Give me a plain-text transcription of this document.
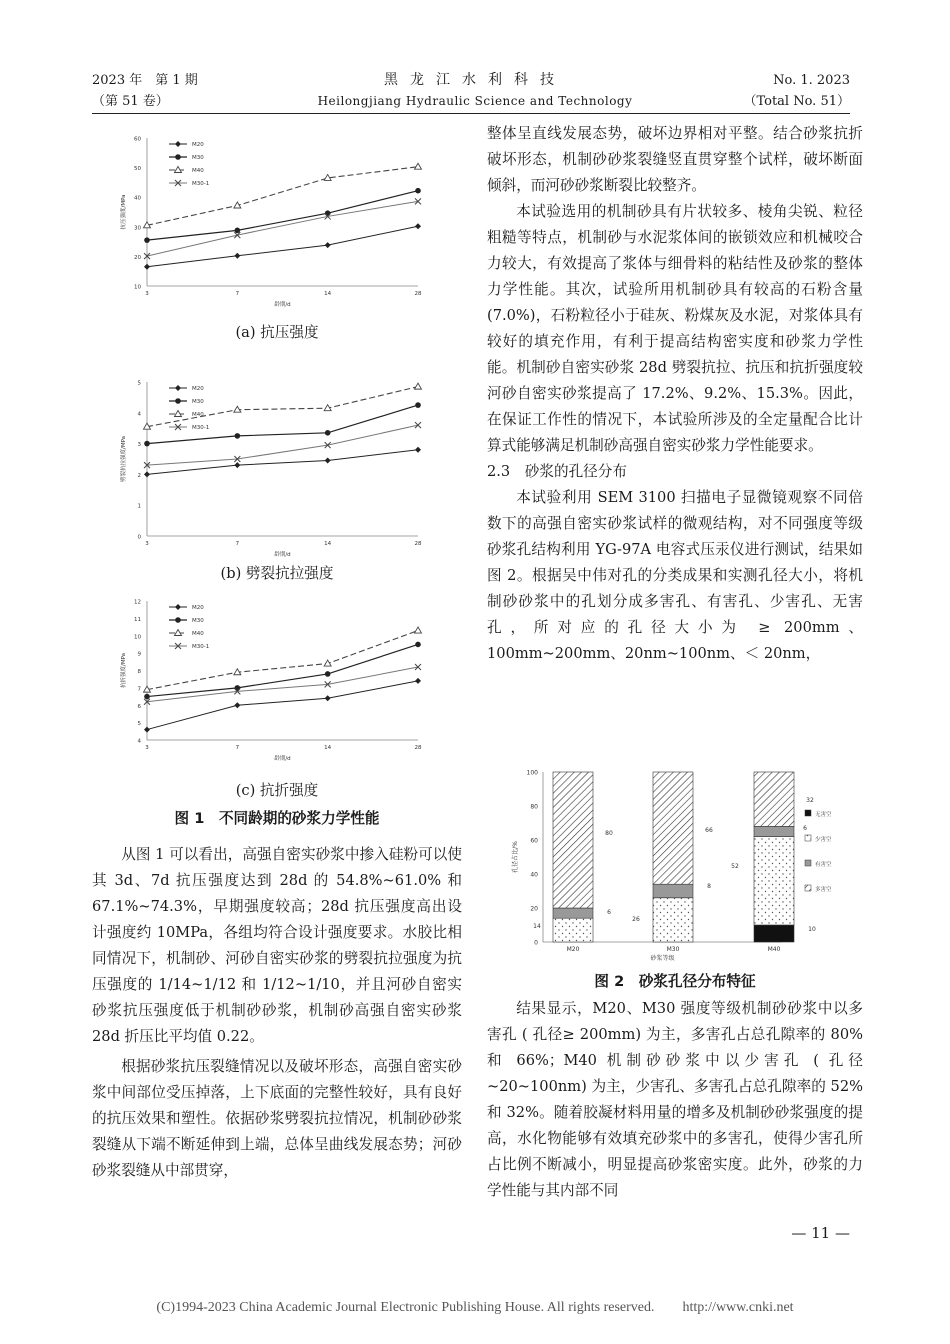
2023 年　第 1 期
（第 51 卷）
黑龙江水利科技
Heilongjiang Hydraulic Science and Technology
No. 1. 2023
（Total No. 51）
10
20
30
40
50
60
3	7	14	28
龄期/d
抗压强度/MPa
M20
M30
M40
M30-1
(a) 抗压强度
0
1
2
3
4
5
3	7	14	28
龄期/d
劈裂抗拉强度/MPa
M20
M30
M40
M30-1
(b) 劈裂抗拉强度
4
5
6
7
8
9
10
11
12
3	7	14	28
龄期/d
抗折强度/MPa
M20
M30
M40
M30-1
(c) 抗折强度
图 1　不同龄期的砂浆力学性能

从图 1 可以看出，高强自密实砂浆中掺入硅粉可以使其 3d、7d 抗压强度达到 28d 的 54.8%~61.0% 和 67.1%~74.3%，早期强度较高；28d 抗压强度高出设计强度约 10MPa，各组均符合设计强度要求。水胶比相同情况下，机制砂、河砂自密实砂浆的劈裂抗拉强度为抗压强度的 1/14~1/12 和 1/12~1/10，并且河砂自密实砂浆抗压强度低于机制砂砂浆，机制砂高强自密实砂浆 28d 折压比平均值 0.22。

根据砂浆抗压裂缝情况以及破坏形态，高强自密实砂浆中间部位受压掉落，上下底面的完整性较好，具有良好的抗压效果和塑性。依据砂浆劈裂抗拉情况，机制砂砂浆裂缝从下端不断延伸到上端，总体呈曲线发展态势；河砂砂浆裂缝从中部贯穿，

整体呈直线发展态势，破坏边界相对平整。结合砂浆抗折破坏形态，机制砂砂浆裂缝竖直贯穿整个试样，破坏断面倾斜，而河砂砂浆断裂比较整齐。

本试验选用的机制砂具有片状较多、棱角尖锐、粒径粗糙等特点，机制砂与水泥浆体间的嵌锁效应和机械咬合力较大，有效提高了浆体与细骨料的粘结性及砂浆的整体力学性能。其次，试验所用机制砂具有较高的石粉含量 (7.0%)，石粉粒径小于硅灰、粉煤灰及水泥，对浆体具有较好的填充作用，有利于提高结构密实度和砂浆力学性能。机制砂自密实砂浆 28d 劈裂抗拉、抗压和抗折强度较河砂自密实砂浆提高了 17.2%、9.2%、15.3%。因此，在保证工作性的情况下，本试验所涉及的全定量配合比计算式能够满足机制砂高强自密实砂浆力学性能要求。

2.3　砂浆的孔径分布

本试验利用 SEM 3100 扫描电子显微镜观察不同倍数下的高强自密实砂浆试样的微观结构，对不同强度等级砂浆孔结构利用 YG-97A 电容式压汞仪进行测试，结果如图 2。根据吴中伟对孔的分类成果和实测孔径大小，将机制砂砂浆中的孔划分成多害孔、有害孔、少害孔、无害孔，所对应的孔径大小为 ≥ 200mm、100mm~200mm、20nm~100nm、＜ 20nm，

0
20
40
60
80
100
孔径占比/%
砂浆等级
M20	M30	M40
14
6
80
26
8
66
10
52
6
32
无害空
少害空
有害空
多害空
图 2　砂浆孔径分布特征

结果显示，M20、M30 强度等级机制砂砂浆中以多害孔 ( 孔径≥ 200mm) 为主，多害孔占总孔隙率的 80% 和 66%；M40 机制砂砂浆中以少害孔 ( 孔径 ~20~100nm) 为主，少害孔、多害孔占总孔隙率的 52% 和 32%。随着胶凝材料用量的增多及机制砂砂浆强度的提高，水化物能够有效填充砂浆中的多害孔，使得少害孔所占比例不断减小，明显提高砂浆密实度。此外，砂浆的力学性能与其内部不同

— 11 —
(C)1994-2023 China Academic Journal Electronic Publishing House. All rights reserved.　　http://www.cnki.net
